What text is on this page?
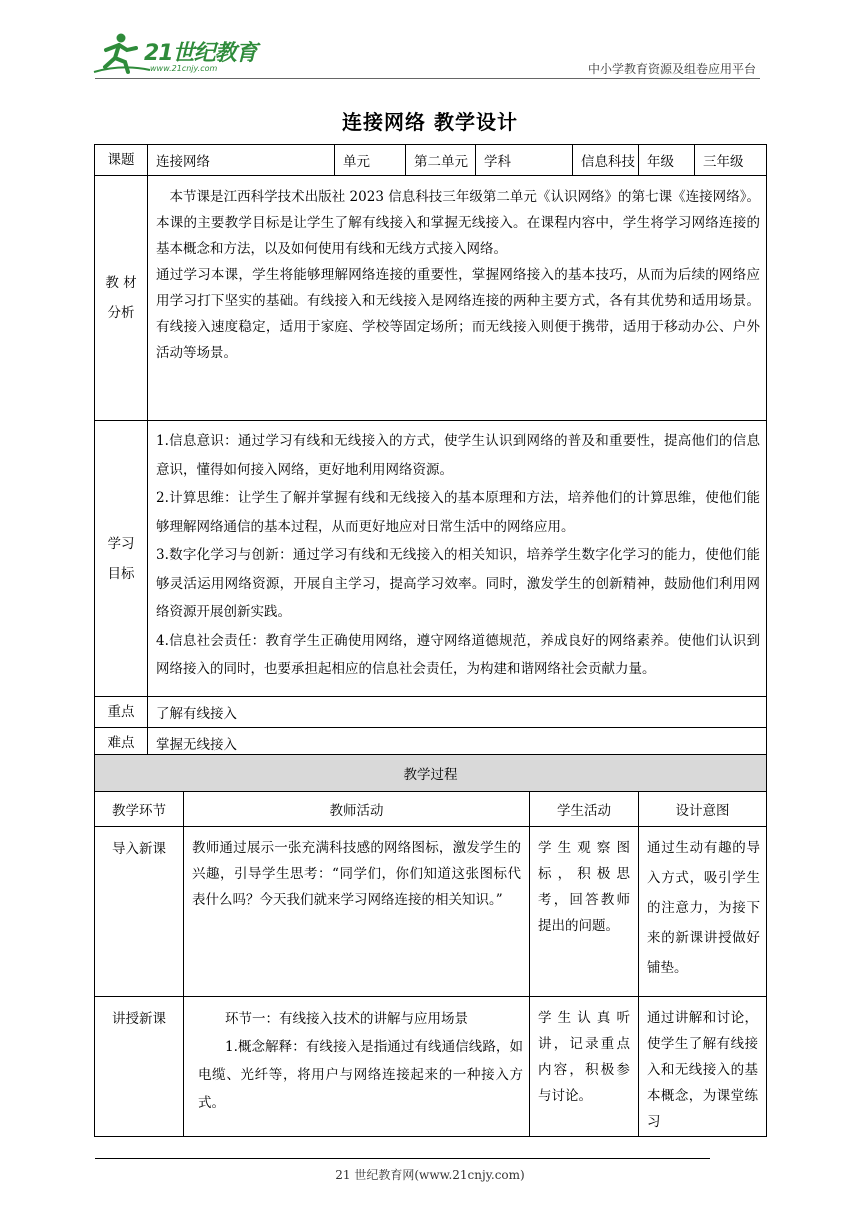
21世纪教育
www.21cnjy.com	中小学教育资源及组卷应用平台
连接网络 教学设计
课题	连接网络	单元	第二单元	学科	信息科技	年级	三年级
教 材 分析	本节课是江西科学技术出版社 2023 信息科技三年级第二单元《认识网络》的第七课《连接网络》。本课的主要教学目标是让学生了解有线接入和掌握无线接入。在课程内容中，学生将学习网络连接的基本概念和方法，以及如何使用有线和无线方式接入网络。

通过学习本课，学生将能够理解网络连接的重要性，掌握网络接入的基本技巧，从而为后续的网络应用学习打下坚实的基础。有线接入和无线接入是网络连接的两种主要方式，各有其优势和适用场景。有线接入速度稳定，适用于家庭、学校等固定场所；而无线接入则便于携带，适用于移动办公、户外活动等场景。						

学习 目标	1.信息意识：通过学习有线和无线接入的方式，使学生认识到网络的普及和重要性，提高他们的信息意识，懂得如何接入网络，更好地利用网络资源。

2.计算思维：让学生了解并掌握有线和无线接入的基本原理和方法，培养他们的计算思维，使他们能够理解网络通信的基本过程，从而更好地应对日常生活中的网络应用。

3.数字化学习与创新：通过学习有线和无线接入的相关知识，培养学生数字化学习的能力，使他们能够灵活运用网络资源，开展自主学习，提高学习效率。同时，激发学生的创新精神，鼓励他们利用网络资源开展创新实践。

4.信息社会责任：教育学生正确使用网络，遵守网络道德规范，养成良好的网络素养。使他们认识到网络接入的同时，也要承担起相应的信息社会责任，为构建和谐网络社会贡献力量。						

重点	了解有线接入						
难点	掌握无线接入						
教学过程			
教学环节	教师活动	学生活动	设计意图
导入新课	教师通过展示一张充满科技感的网络图标，激发学生的兴趣，引导学生思考：“同学们，你们知道这张图标代表什么吗？今天我们就来学习网络连接的相关知识。”	学生观察图标，积极思考，回答教师提出的问题。	通过生动有趣的导入方式，吸引学生的注意力，为接下来的新课讲授做好铺垫。
讲授新课	环节一：有线接入技术的讲解与应用场景

1.概念解释：有线接入是指通过有线通信线路，如电缆、光纤等，将用户与网络连接起来的一种接入方式。	学生认真听讲，记录重点内容，积极参与讨论。	通过讲解和讨论，使学生了解有线接入和无线接入的基本概念，为课堂练习
21 世纪教育网(www.21cnjy.com)
